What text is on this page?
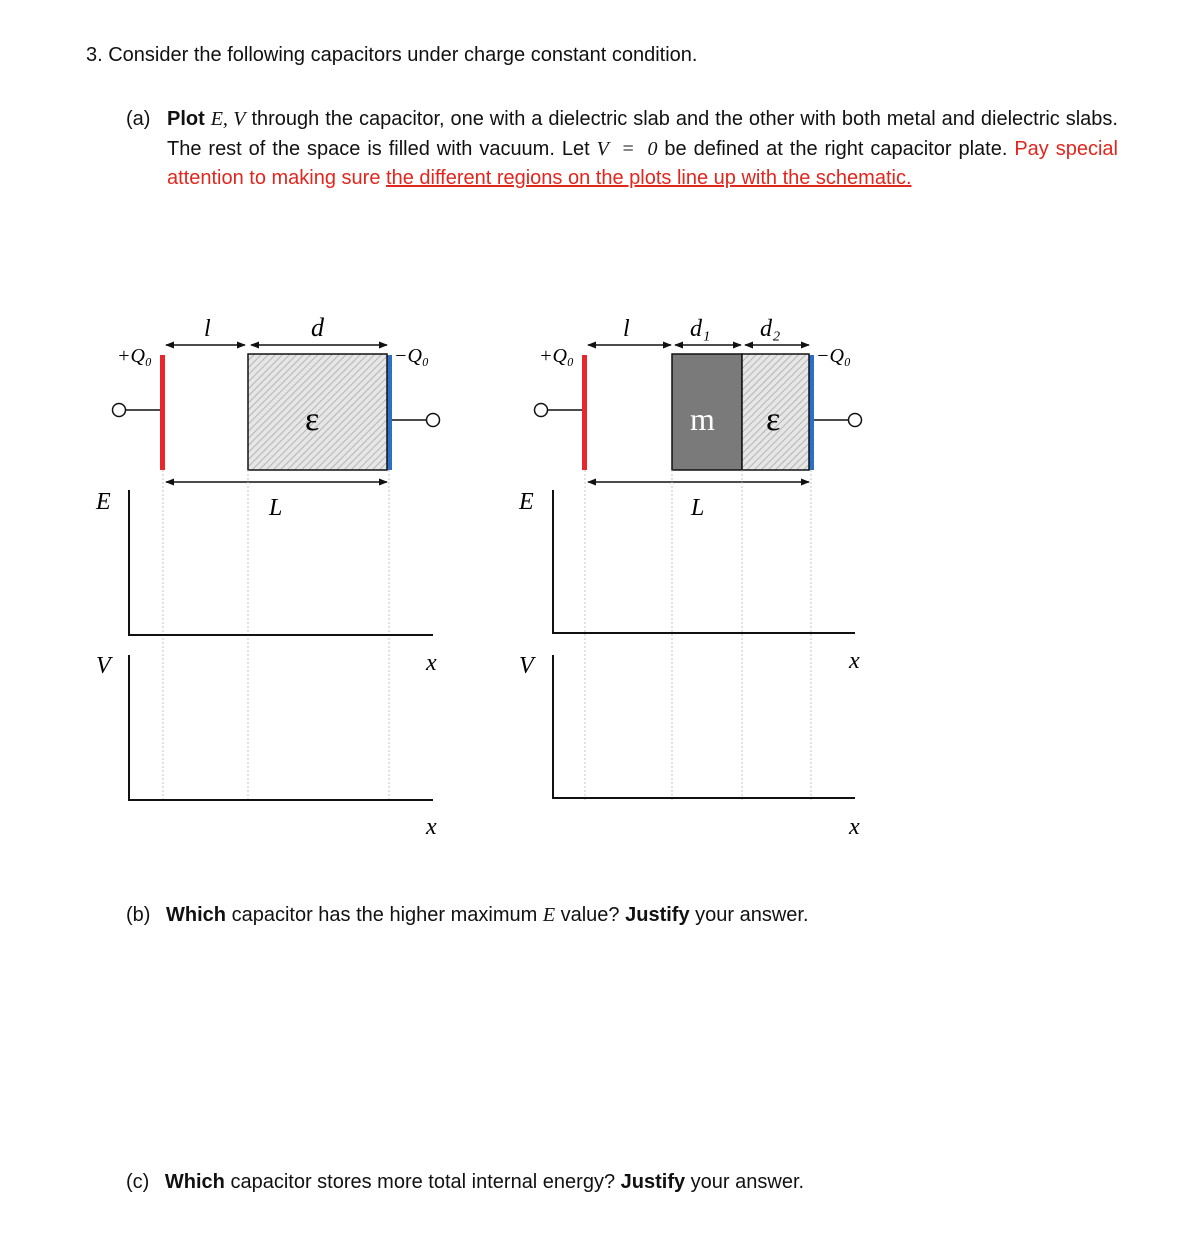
3. Consider the following capacitors under charge constant condition.
(a) Plot E, V through the capacitor, one with a dielectric slab and the other with both metal and dielectric slabs. The rest of the space is filled with vacuum. Let V  =  0 be defined at the right capacitor plate. Pay special attention to making sure the different regions on the plots line up with the schematic.
l	d
+Q₀	−Q₀
ε
L
E
x
V
x
l	d₁ d₂
+Q₀	−Q₀
m ε
L
E
x
V
x
(b) Which capacitor has the higher maximum E value? Justify your answer.
(c) Which capacitor stores more total internal energy? Justify your answer.
